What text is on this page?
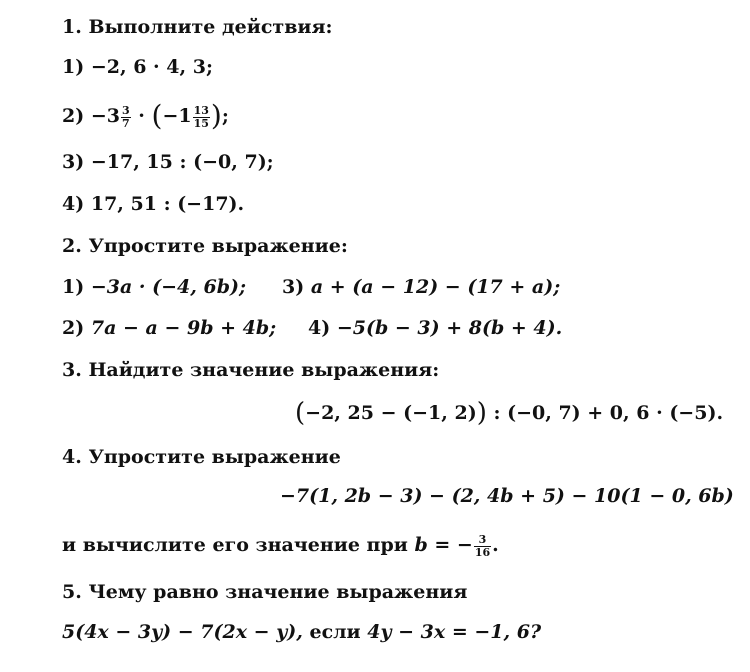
1. Выполните действия:
1) −2, 6 · 4, 3;
$2) -3 \frac{3}{7} \cdot (-1 \frac{13}{15}$ );
3) −17, 15 : (−0, 7);
4) 17, 51 : (−17).
2. Упростите выражение:
1) −3a · (−4, 6b); 3) a + (a − 12) − (17 + a);
2) 7a − a − 9b + 4b; 4) −5(b − 3) + 8(b + 4).
3. Найдите значение выражения:
(−2, 25 − (−1, 2)) : (−0, 7) + 0, 6 · (−5).
4. Упростите выражение
−7(1, 2b − 3) − (2, 4b + 5) − 10(1 − 0, 6b)
и вычислите его значение при b = − $\frac{3}{16}$ .
5. Чему равно значение выражения
5(4x − 3y) − 7(2x − y), если 4y − 3x = −1, 6?
